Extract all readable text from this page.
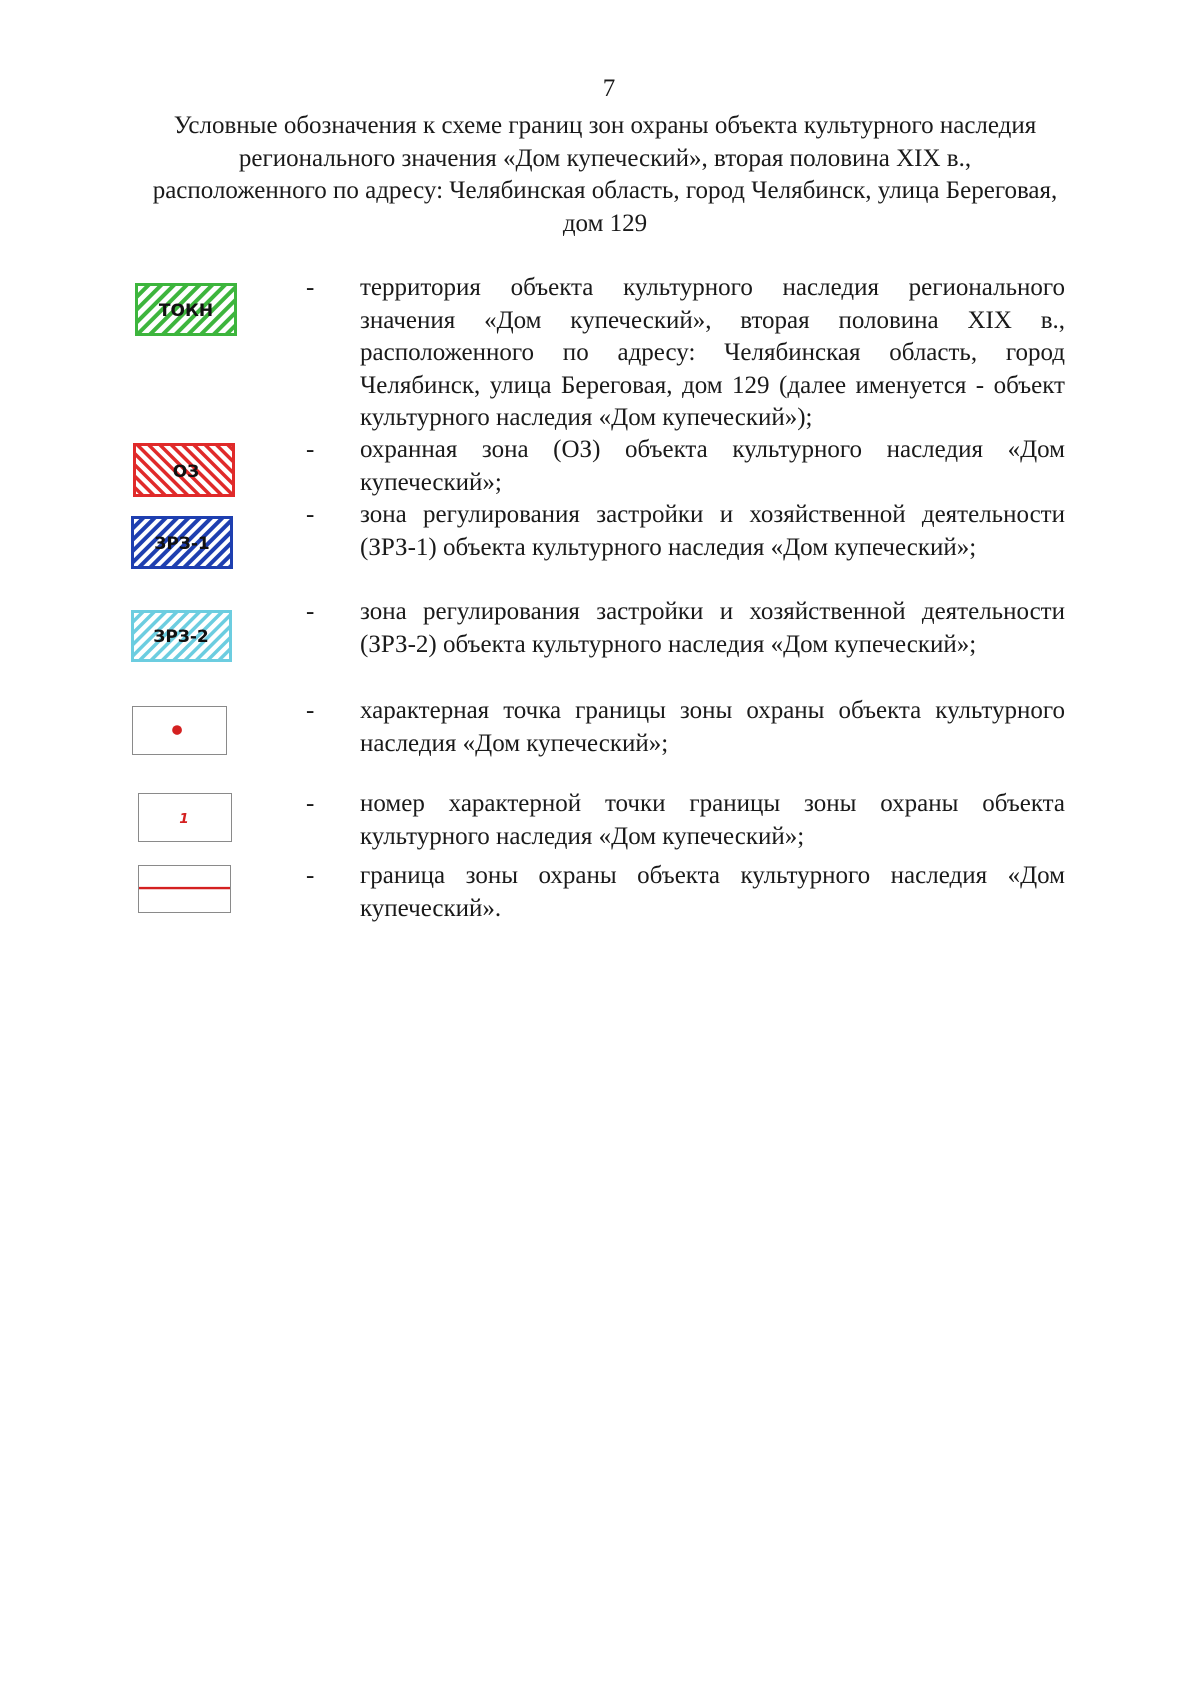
7
Условные обозначения к схеме границ зон охраны объекта культурного наследия регионального значения «Дом купеческий», вторая половина XIX в., расположенного по адресу: Челябинская область, город Челябинск, улица Береговая, дом 129
ТОКН
- территория объекта культурного наследия регионального значения «Дом купеческий», вторая половина XIX в., расположенного по адресу: Челябинская область, город Челябинск, улица Береговая, дом 129 (далее именуется - объект культурного наследия «Дом купеческий»);
ОЗ
- охранная зона (ОЗ) объекта культурного наследия «Дом купеческий»;
ЗРЗ-1
- зона регулирования застройки и хозяйственной деятельности (ЗРЗ-1) объекта культурного наследия «Дом купеческий»;
ЗРЗ-2
- зона регулирования застройки и хозяйственной деятельности (ЗРЗ-2) объекта культурного наследия «Дом купеческий»;
- характерная точка границы зоны охраны объекта культурного наследия «Дом купеческий»;
1
- номер характерной точки границы зоны охраны объекта культурного наследия «Дом купеческий»;
- граница зоны охраны объекта культурного наследия «Дом купеческий».
